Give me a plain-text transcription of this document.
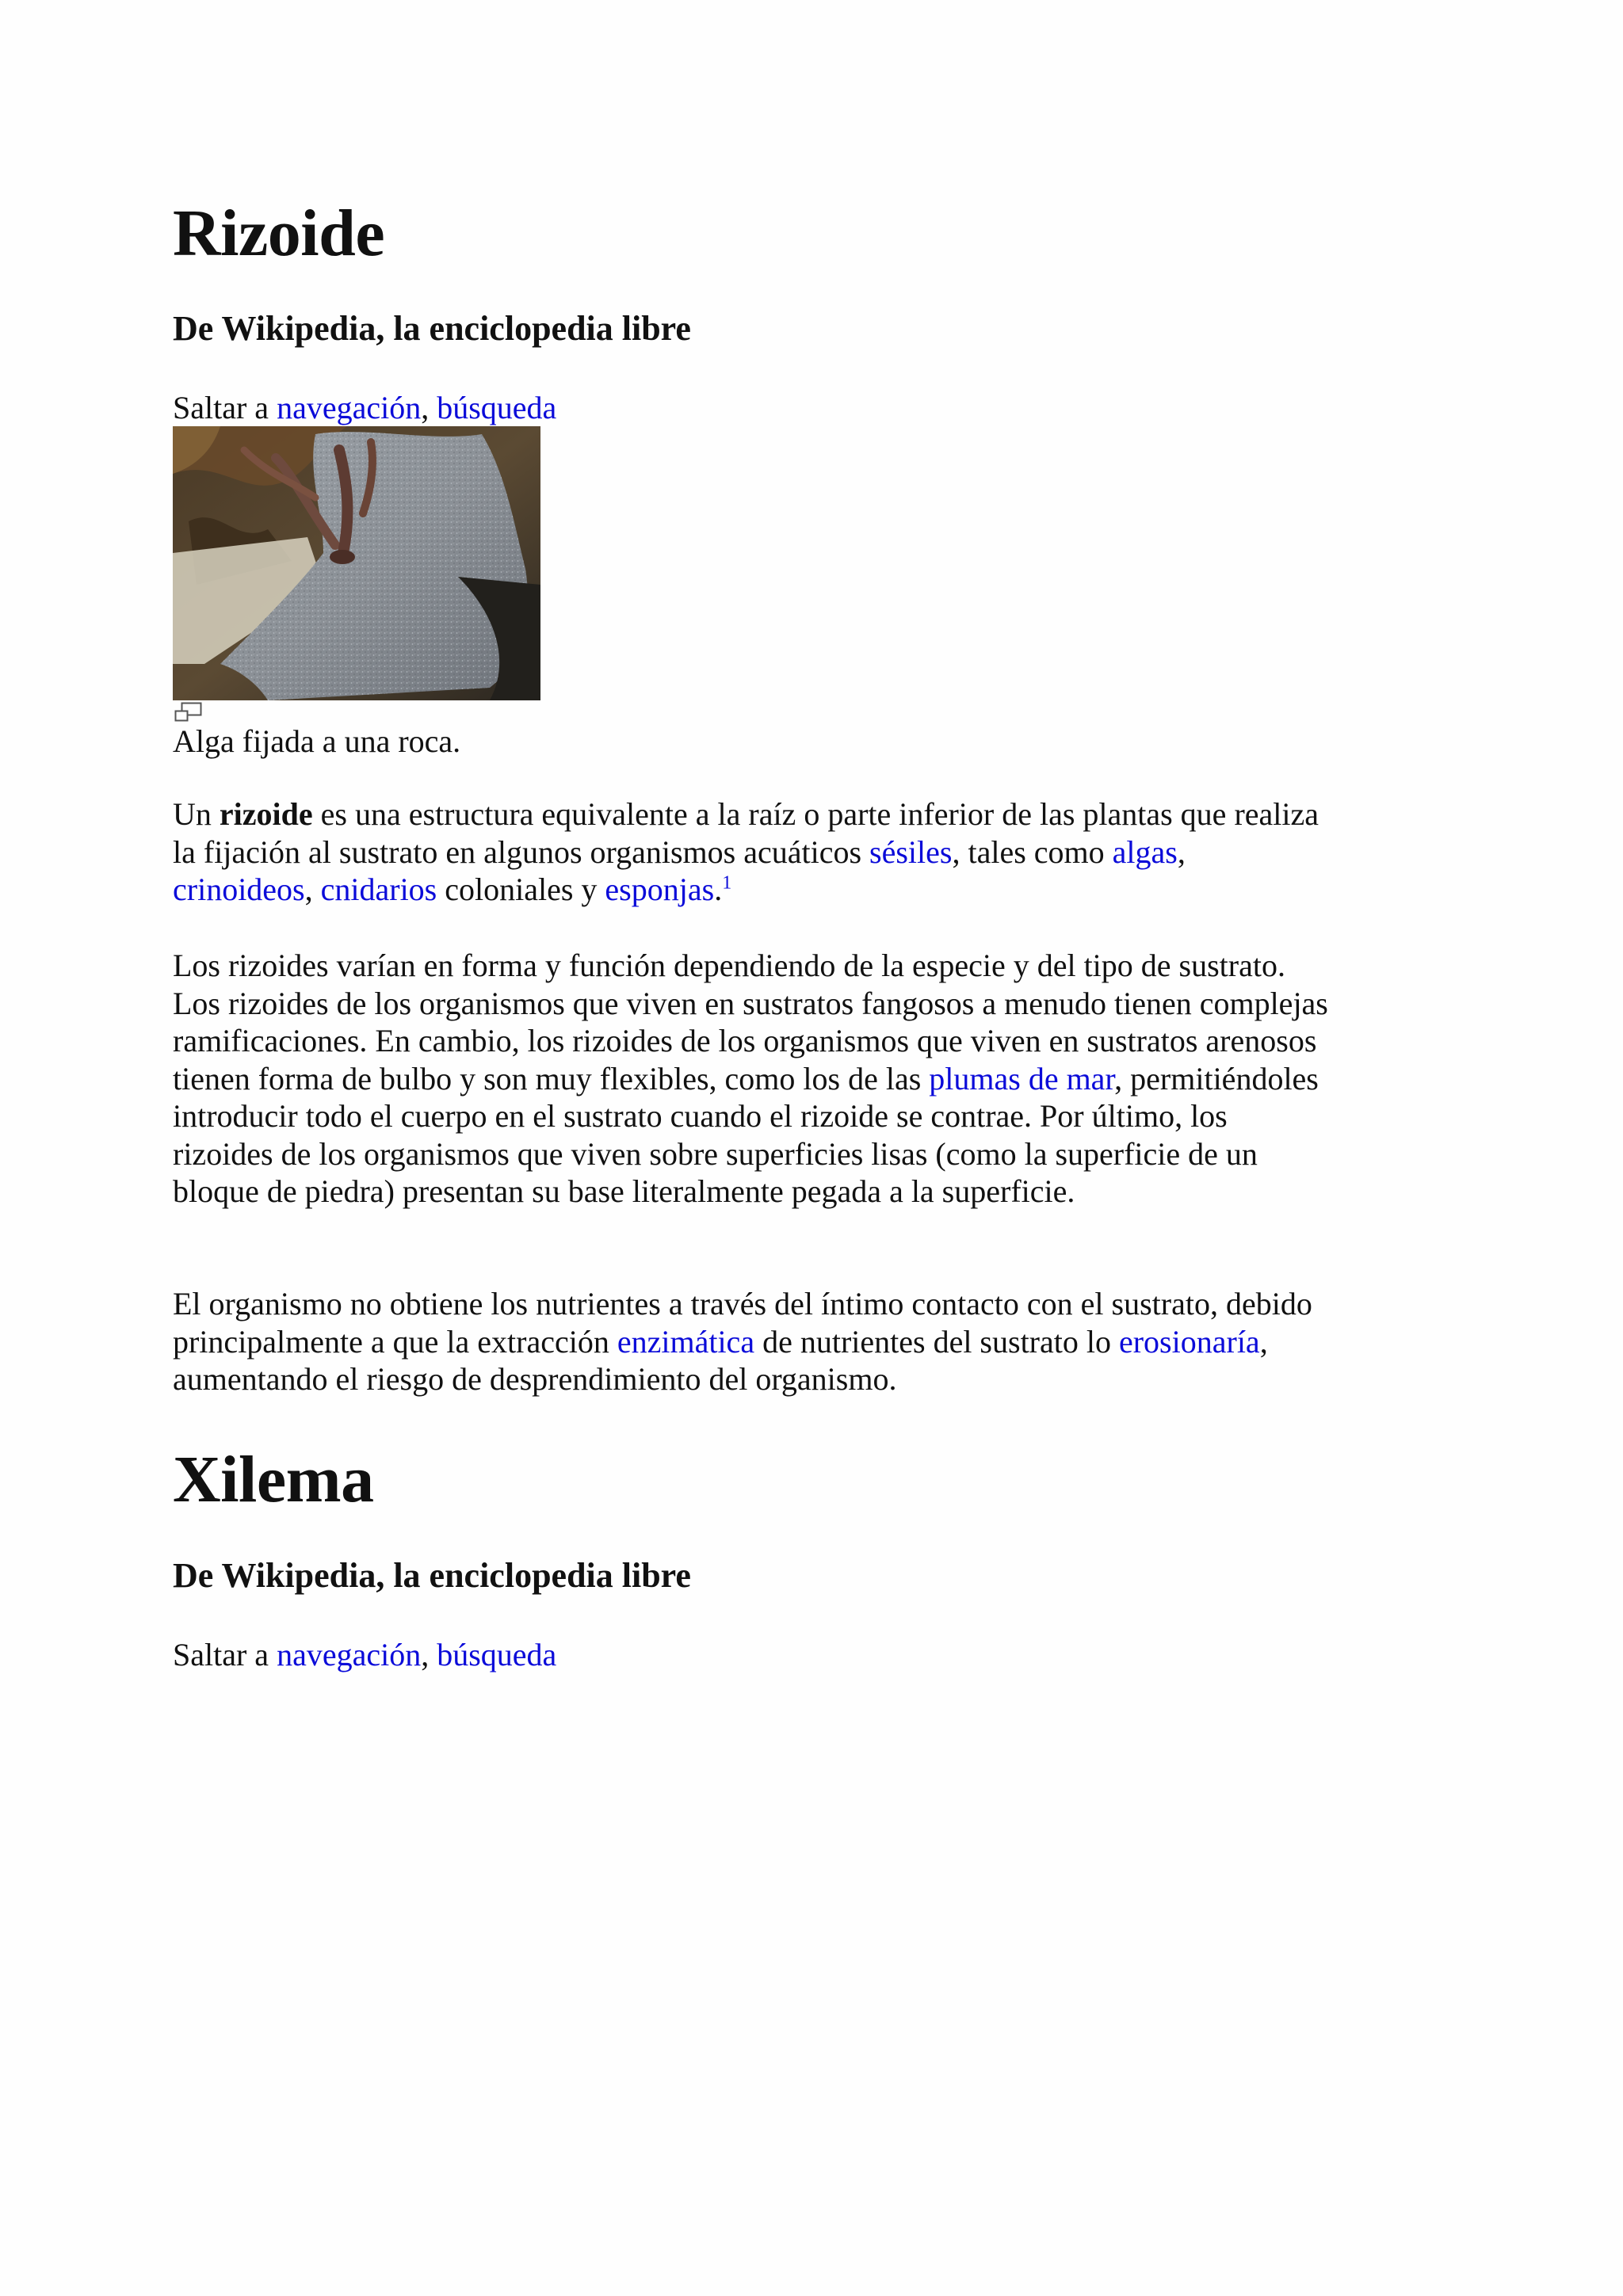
Rizoide
De Wikipedia, la enciclopedia libre

Saltar a navegación, búsqueda

Alga fijada a una roca.

Un rizoide es una estructura equivalente a la raíz o parte inferior de las plantas que realiza la fijación al sustrato en algunos organismos acuáticos sésiles, tales como algas, crinoideos, cnidarios coloniales y esponjas.$^1$

Los rizoides varían en forma y función dependiendo de la especie y del tipo de sustrato. Los rizoides de los organismos que viven en sustratos fangosos a menudo tienen complejas ramificaciones. En cambio, los rizoides de los organismos que viven en sustratos arenosos tienen forma de bulbo y son muy flexibles, como los de las plumas de mar, permitiéndoles introducir todo el cuerpo en el sustrato cuando el rizoide se contrae. Por último, los rizoides de los organismos que viven sobre superficies lisas (como la superficie de un bloque de piedra) presentan su base literalmente pegada a la superficie.

El organismo no obtiene los nutrientes a través del íntimo contacto con el sustrato, debido principalmente a que la extracción enzimática de nutrientes del sustrato lo erosionaría, aumentando el riesgo de desprendimiento del organismo.

Xilema
De Wikipedia, la enciclopedia libre

Saltar a navegación, búsqueda
